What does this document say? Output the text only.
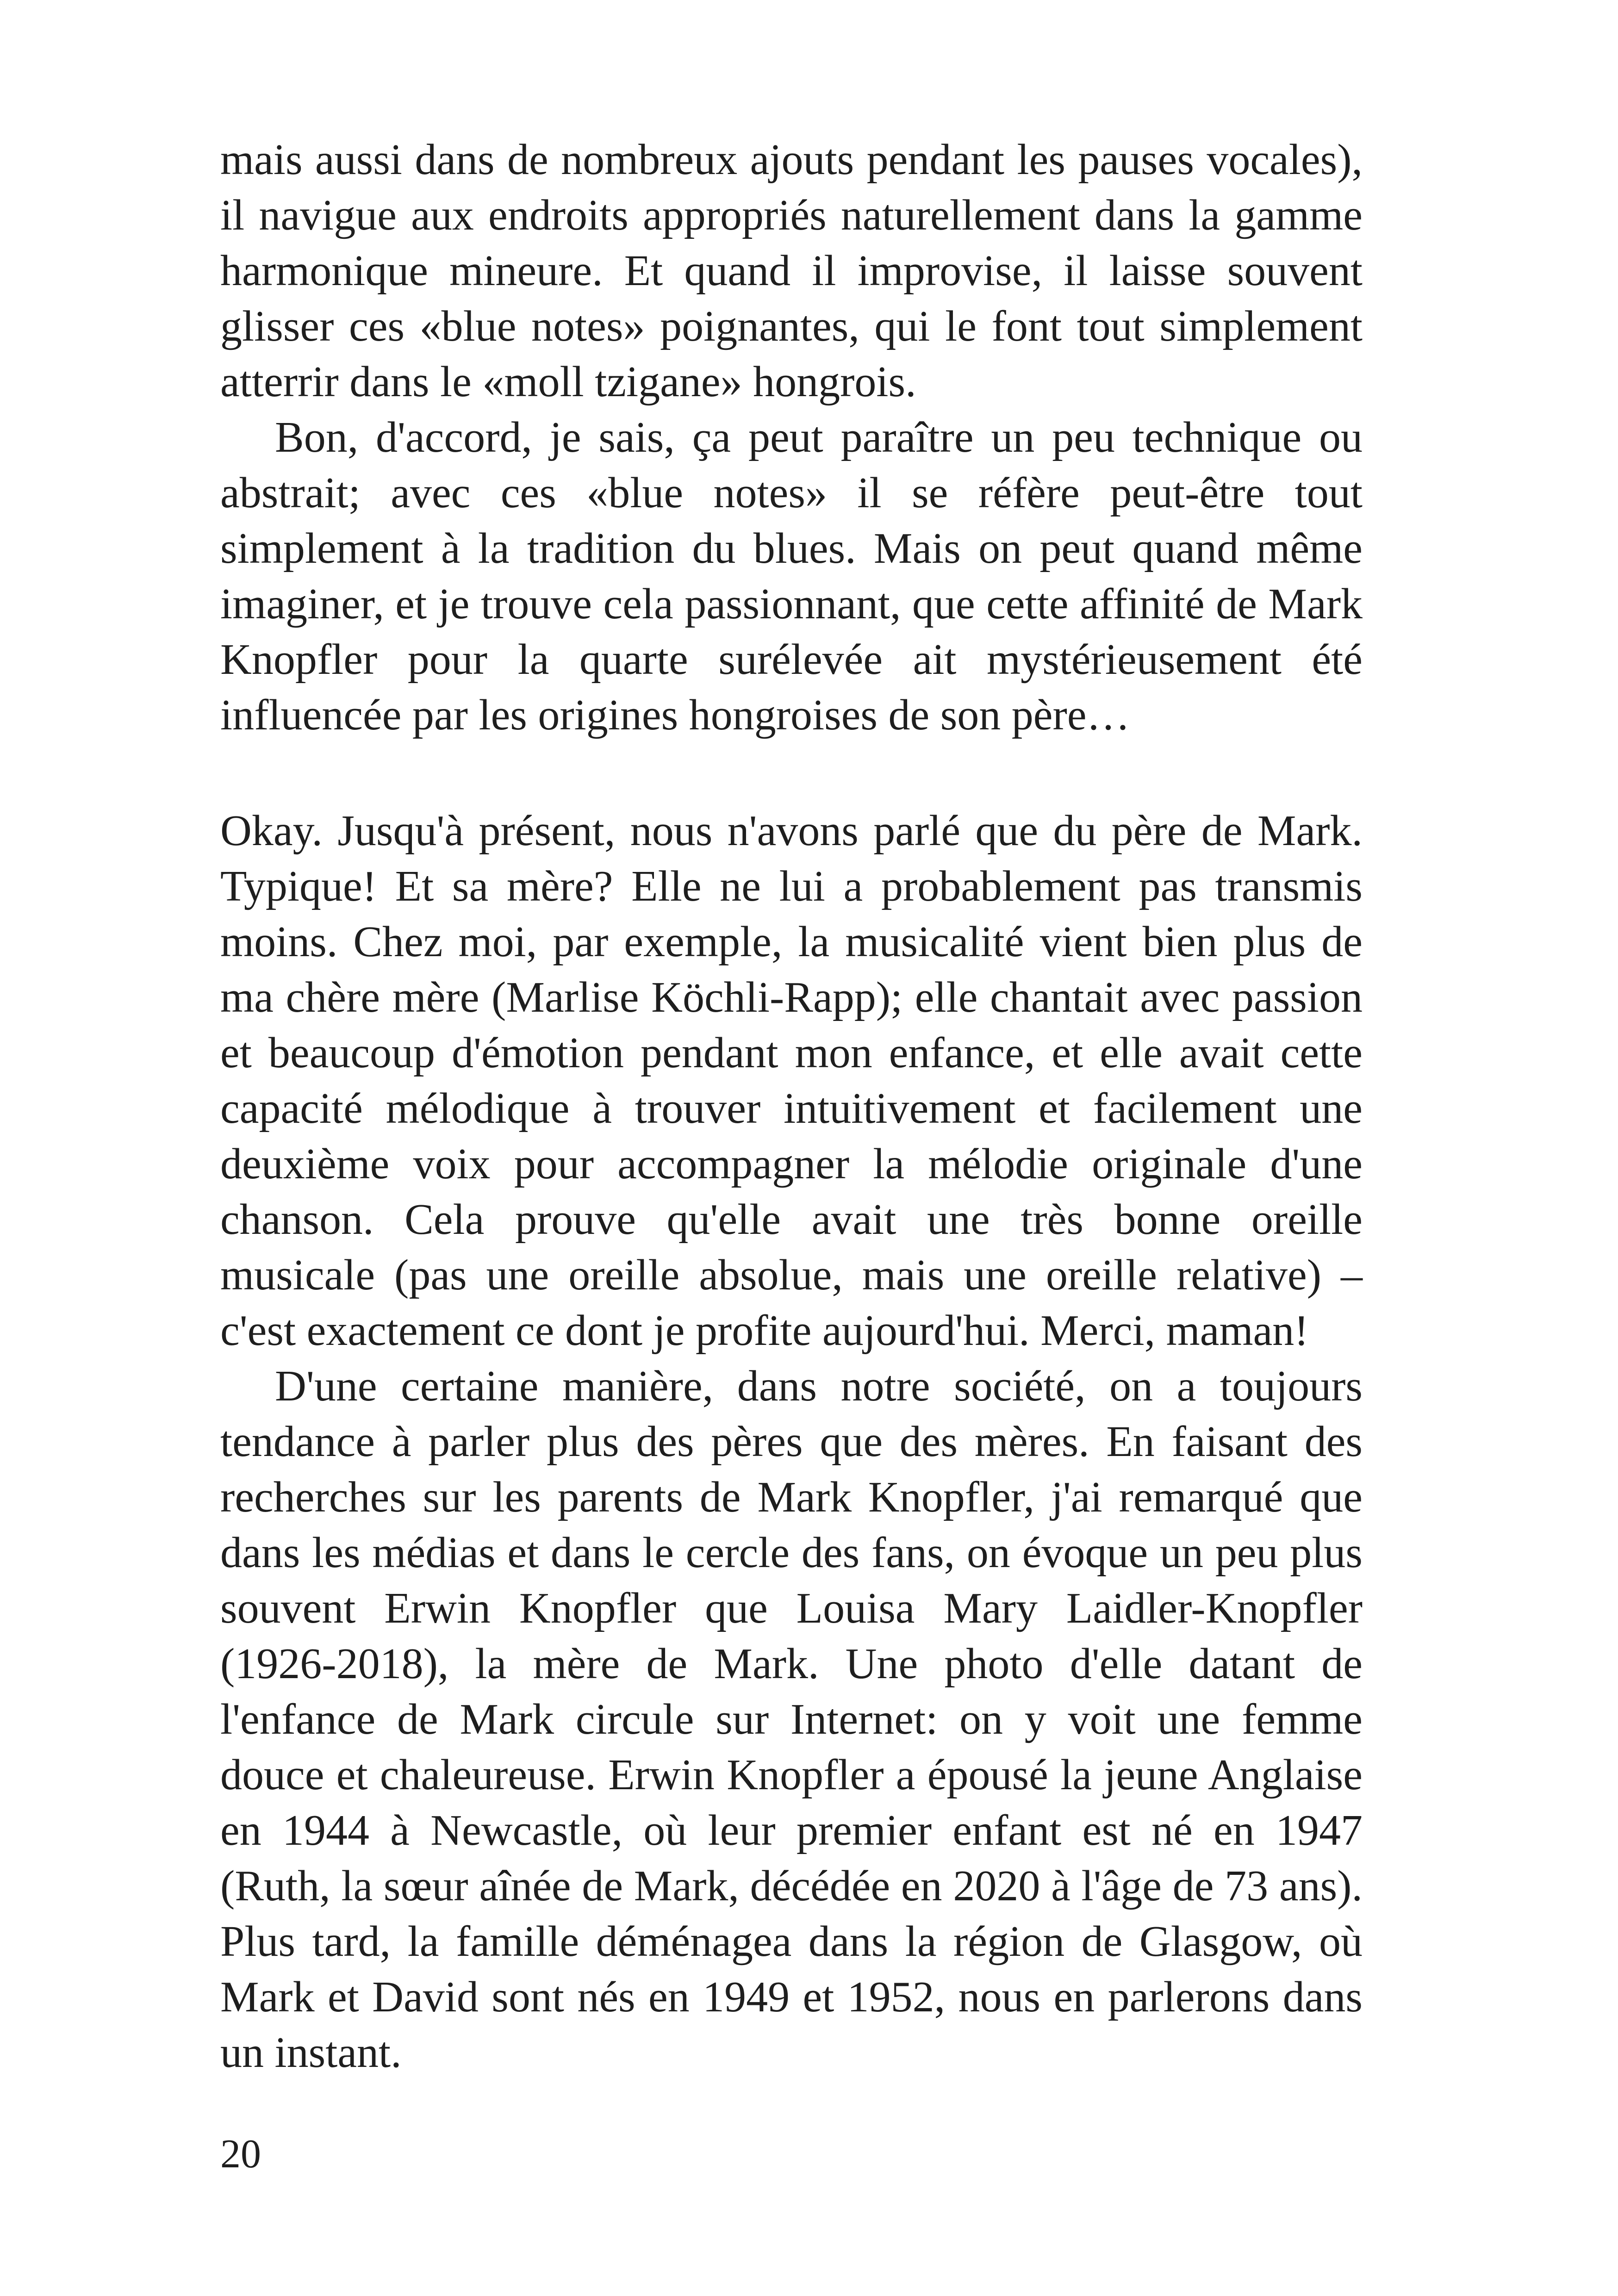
mais aussi dans de nombreux ajouts pendant les pauses vocales), il navigue aux endroits appropriés naturellement dans la gamme harmonique mineure. Et quand il improvise, il laisse souvent glisser ces «blue notes» poignantes, qui le font tout simplement atterrir dans le «moll tzigane» hongrois.

Bon, d'accord, je sais, ça peut paraître un peu technique ou abstrait; avec ces «blue notes» il se réfère peut-être tout simplement à la tradition du blues. Mais on peut quand même imaginer, et je trouve cela passionnant, que cette affinité de Mark Knopfler pour la quarte surélevée ait mystérieusement été influencée par les origines hongroises de son père…

Okay. Jusqu'à présent, nous n'avons parlé que du père de Mark. Typique! Et sa mère? Elle ne lui a probablement pas transmis moins. Chez moi, par exemple, la musicalité vient bien plus de ma chère mère (Marlise Köchli-Rapp); elle chantait avec passion et beaucoup d'émotion pendant mon enfance, et elle avait cette capacité mélodique à trouver intuitivement et facilement une deuxième voix pour accompagner la mélodie originale d'une chanson. Cela prouve qu'elle avait une très bonne oreille musicale (pas une oreille absolue, mais une oreille relative) – c'est exactement ce dont je profite aujourd'hui. Merci, maman!

D'une certaine manière, dans notre société, on a toujours tendance à parler plus des pères que des mères. En faisant des recherches sur les parents de Mark Knopfler, j'ai remarqué que dans les médias et dans le cercle des fans, on évoque un peu plus souvent Erwin Knopfler que Louisa Mary Laidler-Knopfler (1926-2018), la mère de Mark. Une photo d'elle datant de l'enfance de Mark circule sur Internet: on y voit une femme douce et chaleureuse. Erwin Knopfler a épousé la jeune Anglaise en 1944 à Newcastle, où leur premier enfant est né en 1947 (Ruth, la sœur aînée de Mark, décédée en 2020 à l'âge de 73 ans). Plus tard, la famille déménagea dans la région de Glasgow, où Mark et David sont nés en 1949 et 1952, nous en parlerons dans un instant.

20
